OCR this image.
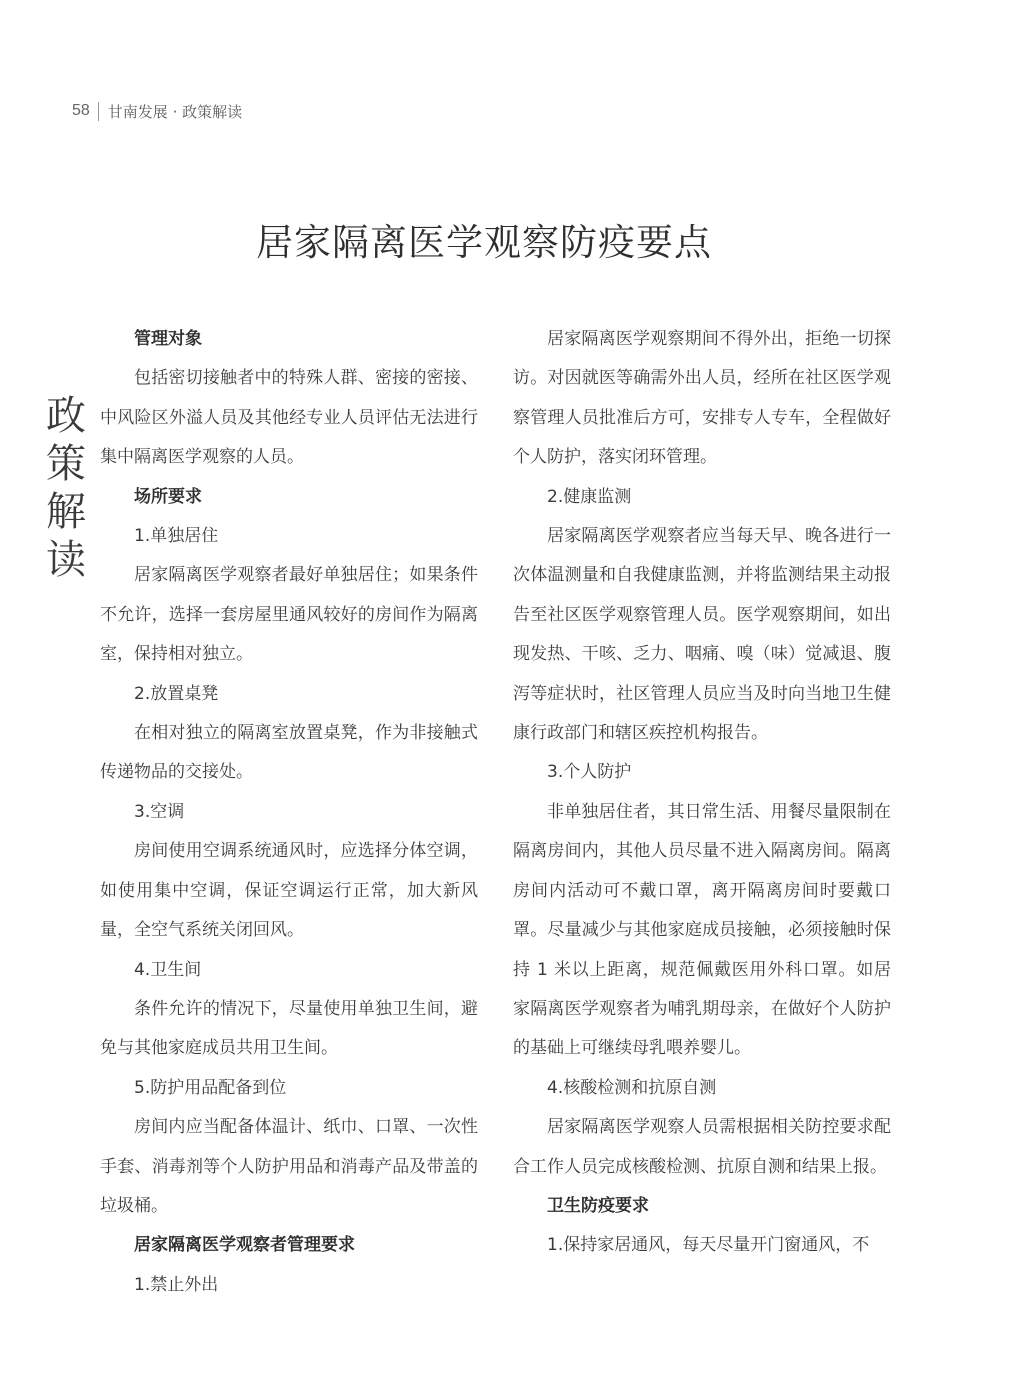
58 甘南发展 · 政策解读
居家隔离医学观察防疫要点
政
策
解
读

管理对象

包括密切接触者中的特殊人群、密接的密接、中风险区外溢人员及其他经专业人员评估无法进行集中隔离医学观察的人员。

场所要求

1.单独居住

居家隔离医学观察者最好单独居住；如果条件不允许，选择一套房屋里通风较好的房间作为隔离室，保持相对独立。

2.放置桌凳

在相对独立的隔离室放置桌凳，作为非接触式传递物品的交接处。

3.空调

房间使用空调系统通风时，应选择分体空调，如使用集中空调，保证空调运行正常，加大新风量，全空气系统关闭回风。

4.卫生间

条件允许的情况下，尽量使用单独卫生间，避免与其他家庭成员共用卫生间。

5.防护用品配备到位

房间内应当配备体温计、纸巾、口罩、一次性手套、消毒剂等个人防护用品和消毒产品及带盖的垃圾桶。

居家隔离医学观察者管理要求

1.禁止外出

居家隔离医学观察期间不得外出，拒绝一切探访。对因就医等确需外出人员，经所在社区医学观察管理人员批准后方可，安排专人专车，全程做好个人防护，落实闭环管理。

2.健康监测

居家隔离医学观察者应当每天早、晚各进行一次体温测量和自我健康监测，并将监测结果主动报告至社区医学观察管理人员。医学观察期间，如出现发热、干咳、乏力、咽痛、嗅（味）觉减退、腹泻等症状时，社区管理人员应当及时向当地卫生健康行政部门和辖区疾控机构报告。

3.个人防护

非单独居住者，其日常生活、用餐尽量限制在隔离房间内，其他人员尽量不进入隔离房间。隔离房间内活动可不戴口罩，离开隔离房间时要戴口罩。尽量减少与其他家庭成员接触，必须接触时保持 1 米以上距离，规范佩戴医用外科口罩。如居家隔离医学观察者为哺乳期母亲，在做好个人防护的基础上可继续母乳喂养婴儿。

4.核酸检测和抗原自测

居家隔离医学观察人员需根据相关防控要求配合工作人员完成核酸检测、抗原自测和结果上报。

卫生防疫要求

1.保持家居通风，每天尽量开门窗通风，不
